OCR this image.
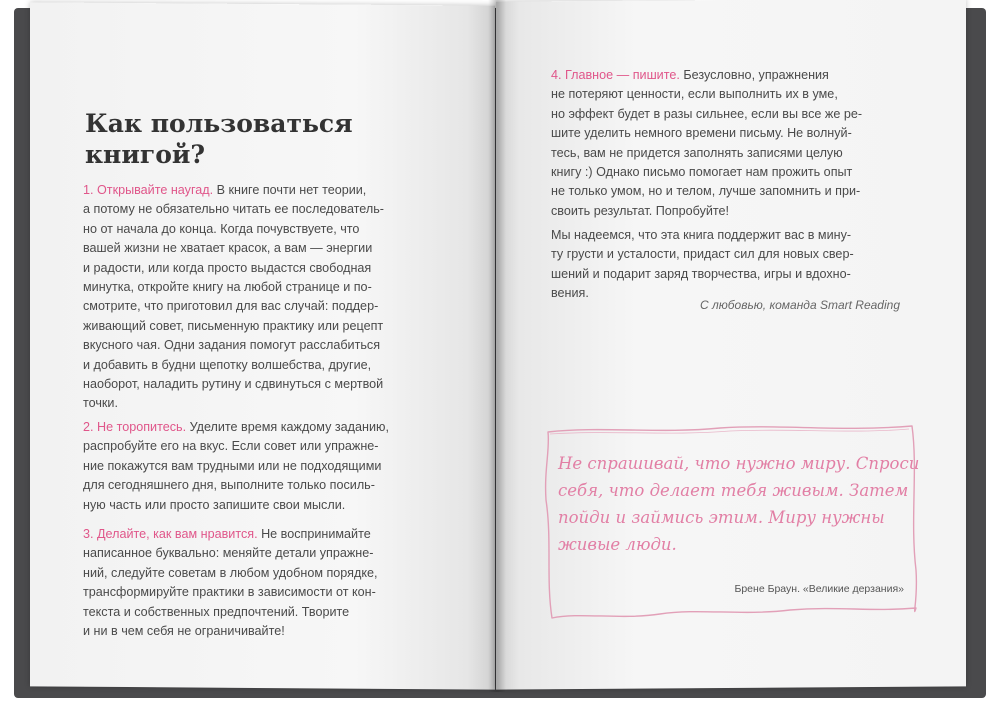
Как пользоваться
книгой?
1. Открывайте наугад. В книге почти нет теории,
а потому не обязательно читать ее последователь-
но от начала до конца. Когда почувствуете, что
вашей жизни не хватает красок, а вам — энергии
и радости, или когда просто выдастся свободная
минутка, откройте книгу на любой странице и по-
смотрите, что приготовил для вас случай: поддер-
живающий совет, письменную практику или рецепт
вкусного чая. Одни задания помогут расслабиться
и добавить в будни щепотку волшебства, другие,
наоборот, наладить рутину и сдвинуться с мертвой
точки.
2. Не торопитесь. Уделите время каждому заданию,
распробуйте его на вкус. Если совет или упражне-
ние покажутся вам трудными или не подходящими
для сегодняшнего дня, выполните только посиль-
ную часть или просто запишите свои мысли.
3. Делайте, как вам нравится. Не воспринимайте
написанное буквально: меняйте детали упражне-
ний, следуйте советам в любом удобном порядке,
трансформируйте практики в зависимости от кон-
текста и собственных предпочтений. Творите
и ни в чем себя не ограничивайте!
4. Главное — пишите. Безусловно, упражнения
не потеряют ценности, если выполнить их в уме,
но эффект будет в разы сильнее, если вы все же ре-
шите уделить немного времени письму. Не волнуй-
тесь, вам не придется заполнять записями целую
книгу :) Однако письмо помогает нам прожить опыт
не только умом, но и телом, лучше запомнить и при-
своить результат. Попробуйте!
Мы надеемся, что эта книга поддержит вас в мину-
ту грусти и усталости, придаст сил для новых свер-
шений и подарит заряд творчества, игры и вдохно-
вения.
С любовью, команда Smart Reading
Не спрашивай, что нужно миру. Спроси
себя, что делает тебя живым. Затем
пойди и займись этим. Миру нужны
живые люди.
Брене Браун. «Великие дерзания»
